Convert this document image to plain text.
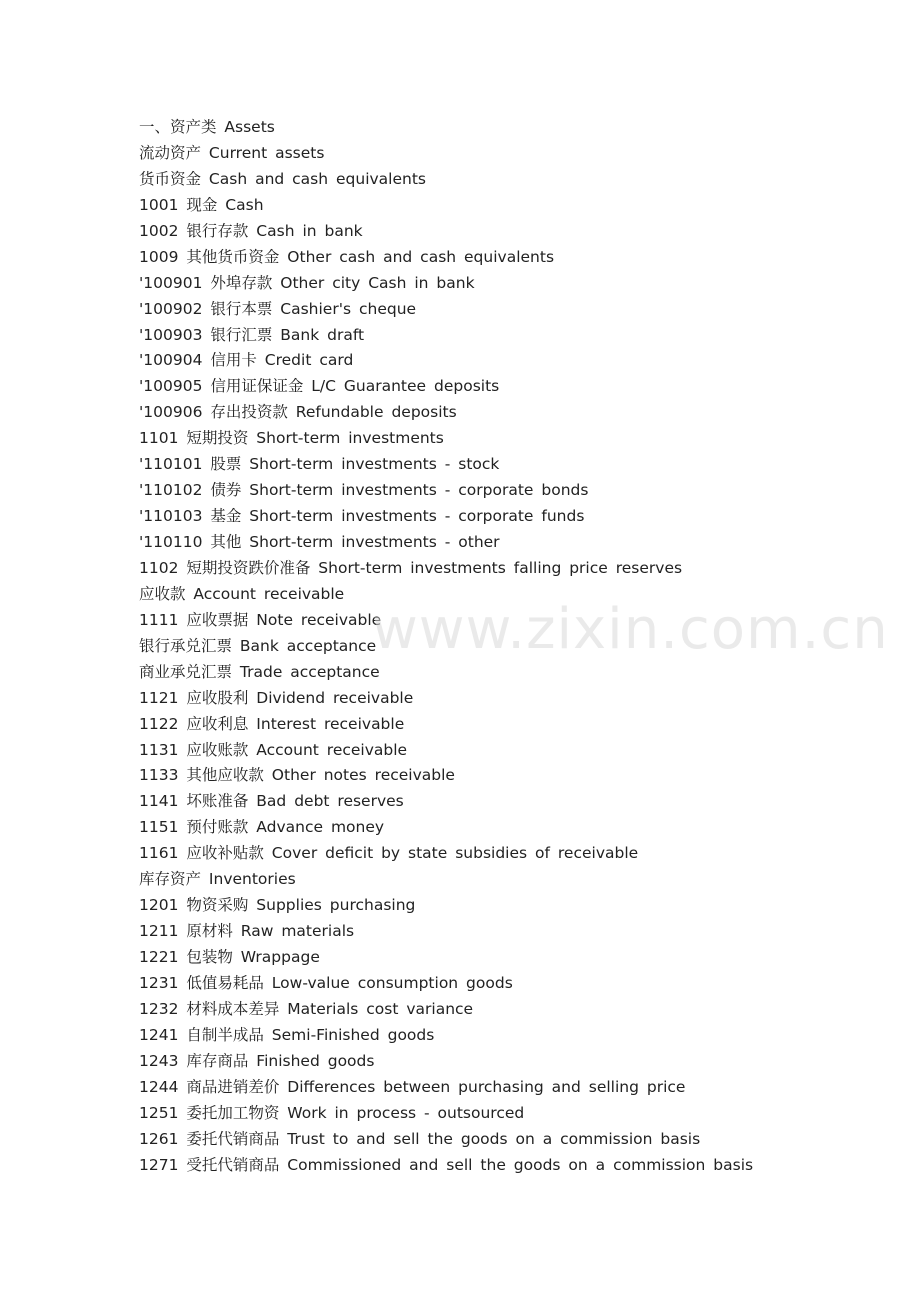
一、资产类 Assets
流动资产 Current assets
货币资金 Cash and cash equivalents
1001 现金 Cash
1002 银行存款 Cash in bank
1009 其他货币资金 Other cash and cash equivalents
'100901 外埠存款 Other city Cash in bank
'100902 银行本票 Cashier's cheque
'100903 银行汇票 Bank draft
'100904 信用卡 Credit card
'100905 信用证保证金 L/C Guarantee deposits
'100906 存出投资款 Refundable deposits
1101 短期投资 Short-term investments
'110101 股票 Short-term investments - stock
'110102 债券 Short-term investments - corporate bonds
'110103 基金 Short-term investments - corporate funds
'110110 其他 Short-term investments - other
1102 短期投资跌价准备 Short-term investments falling price reserves
应收款 Account receivable
1111 应收票据 Note receivable
银行承兑汇票 Bank acceptance
商业承兑汇票 Trade acceptance
1121 应收股利 Dividend receivable
1122 应收利息 Interest receivable
1131 应收账款 Account receivable
1133 其他应收款 Other notes receivable
1141 坏账准备 Bad debt reserves
1151 预付账款 Advance money
1161 应收补贴款 Cover deficit by state subsidies of receivable
库存资产 Inventories
1201 物资采购 Supplies purchasing
1211 原材料 Raw materials
1221 包装物 Wrappage
1231 低值易耗品 Low-value consumption goods
1232 材料成本差异 Materials cost variance
1241 自制半成品 Semi-Finished goods
1243 库存商品 Finished goods
1244 商品进销差价 Differences between purchasing and selling price
1251 委托加工物资 Work in process - outsourced
1261 委托代销商品 Trust to and sell the goods on a commission basis
1271 受托代销商品 Commissioned and sell the goods on a commission basis
www.zixin.com.cn
